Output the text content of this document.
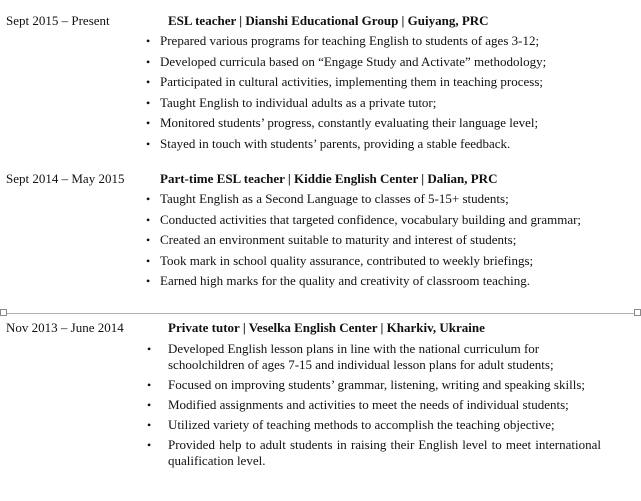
Sept 2015 – Present	ESL teacher | Dianshi Educational Group | Guiyang, PRC
• Prepared various programs for teaching English to students of ages 3-12;
• Developed curricula based on “Engage Study and Activate” methodology;
• Participated in cultural activities, implementing them in teaching process;
• Taught English to individual adults as a private tutor;
• Monitored students’ progress, constantly evaluating their language level;
• Stayed in touch with students’ parents, providing a stable feedback.
Sept 2014 – May 2015	Part-time ESL teacher | Kiddie English Center | Dalian, PRC
• Taught English as a Second Language to classes of 5-15+ students;
• Conducted activities that targeted confidence, vocabulary building and grammar;
• Created an environment suitable to maturity and interest of students;
• Took mark in school quality assurance, contributed to weekly briefings;
• Earned high marks for the quality and creativity of classroom teaching.
Nov 2013 – June 2014	Private tutor | Veselka English Center | Kharkiv, Ukraine
• Developed English lesson plans in line with the national curriculum for schoolchildren of ages 7-15 and individual lesson plans for adult students;
• Focused on improving students’ grammar, listening, writing and speaking skills;
• Modified assignments and activities to meet the needs of individual students;
• Utilized variety of teaching methods to accomplish the teaching objective;
• Provided help to adult students in raising their English level to meet international qualification level.
